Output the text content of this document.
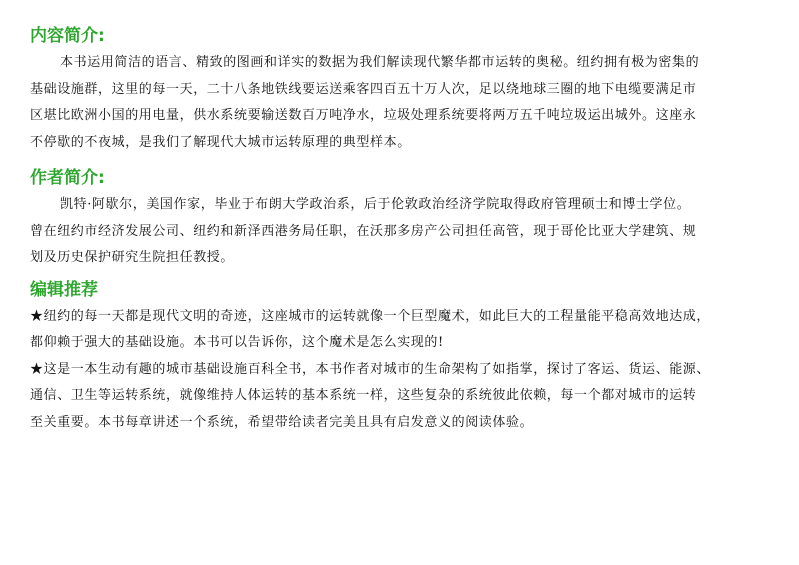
内容简介:
本书运用简洁的语言、精致的图画和详实的数据为我们解读现代繁华都市运转的奥秘。纽约拥有极为密集的
基础设施群，这里的每一天，二十八条地铁线要运送乘客四百五十万人次，足以绕地球三圈的地下电缆要满足市
区堪比欧洲小国的用电量，供水系统要输送数百万吨净水，垃圾处理系统要将两万五千吨垃圾运出城外。这座永
不停歇的不夜城，是我们了解现代大城市运转原理的典型样本。
作者简介:
凯特·阿歇尔，美国作家，毕业于布朗大学政治系，后于伦敦政治经济学院取得政府管理硕士和博士学位。
曾在纽约市经济发展公司、纽约和新泽西港务局任职，在沃那多房产公司担任高管，现于哥伦比亚大学建筑、规
划及历史保护研究生院担任教授。
编辑推荐
★纽约的每一天都是现代文明的奇迹，这座城市的运转就像一个巨型魔术，如此巨大的工程量能平稳高效地达成，
都仰赖于强大的基础设施。本书可以告诉你，这个魔术是怎么实现的!
★这是一本生动有趣的城市基础设施百科全书，本书作者对城市的生命架构了如指掌，探讨了客运、货运、能源、
通信、卫生等运转系统，就像维持人体运转的基本系统一样，这些复杂的系统彼此依赖，每一个都对城市的运转
至关重要。本书每章讲述一个系统，希望带给读者完美且具有启发意义的阅读体验。
